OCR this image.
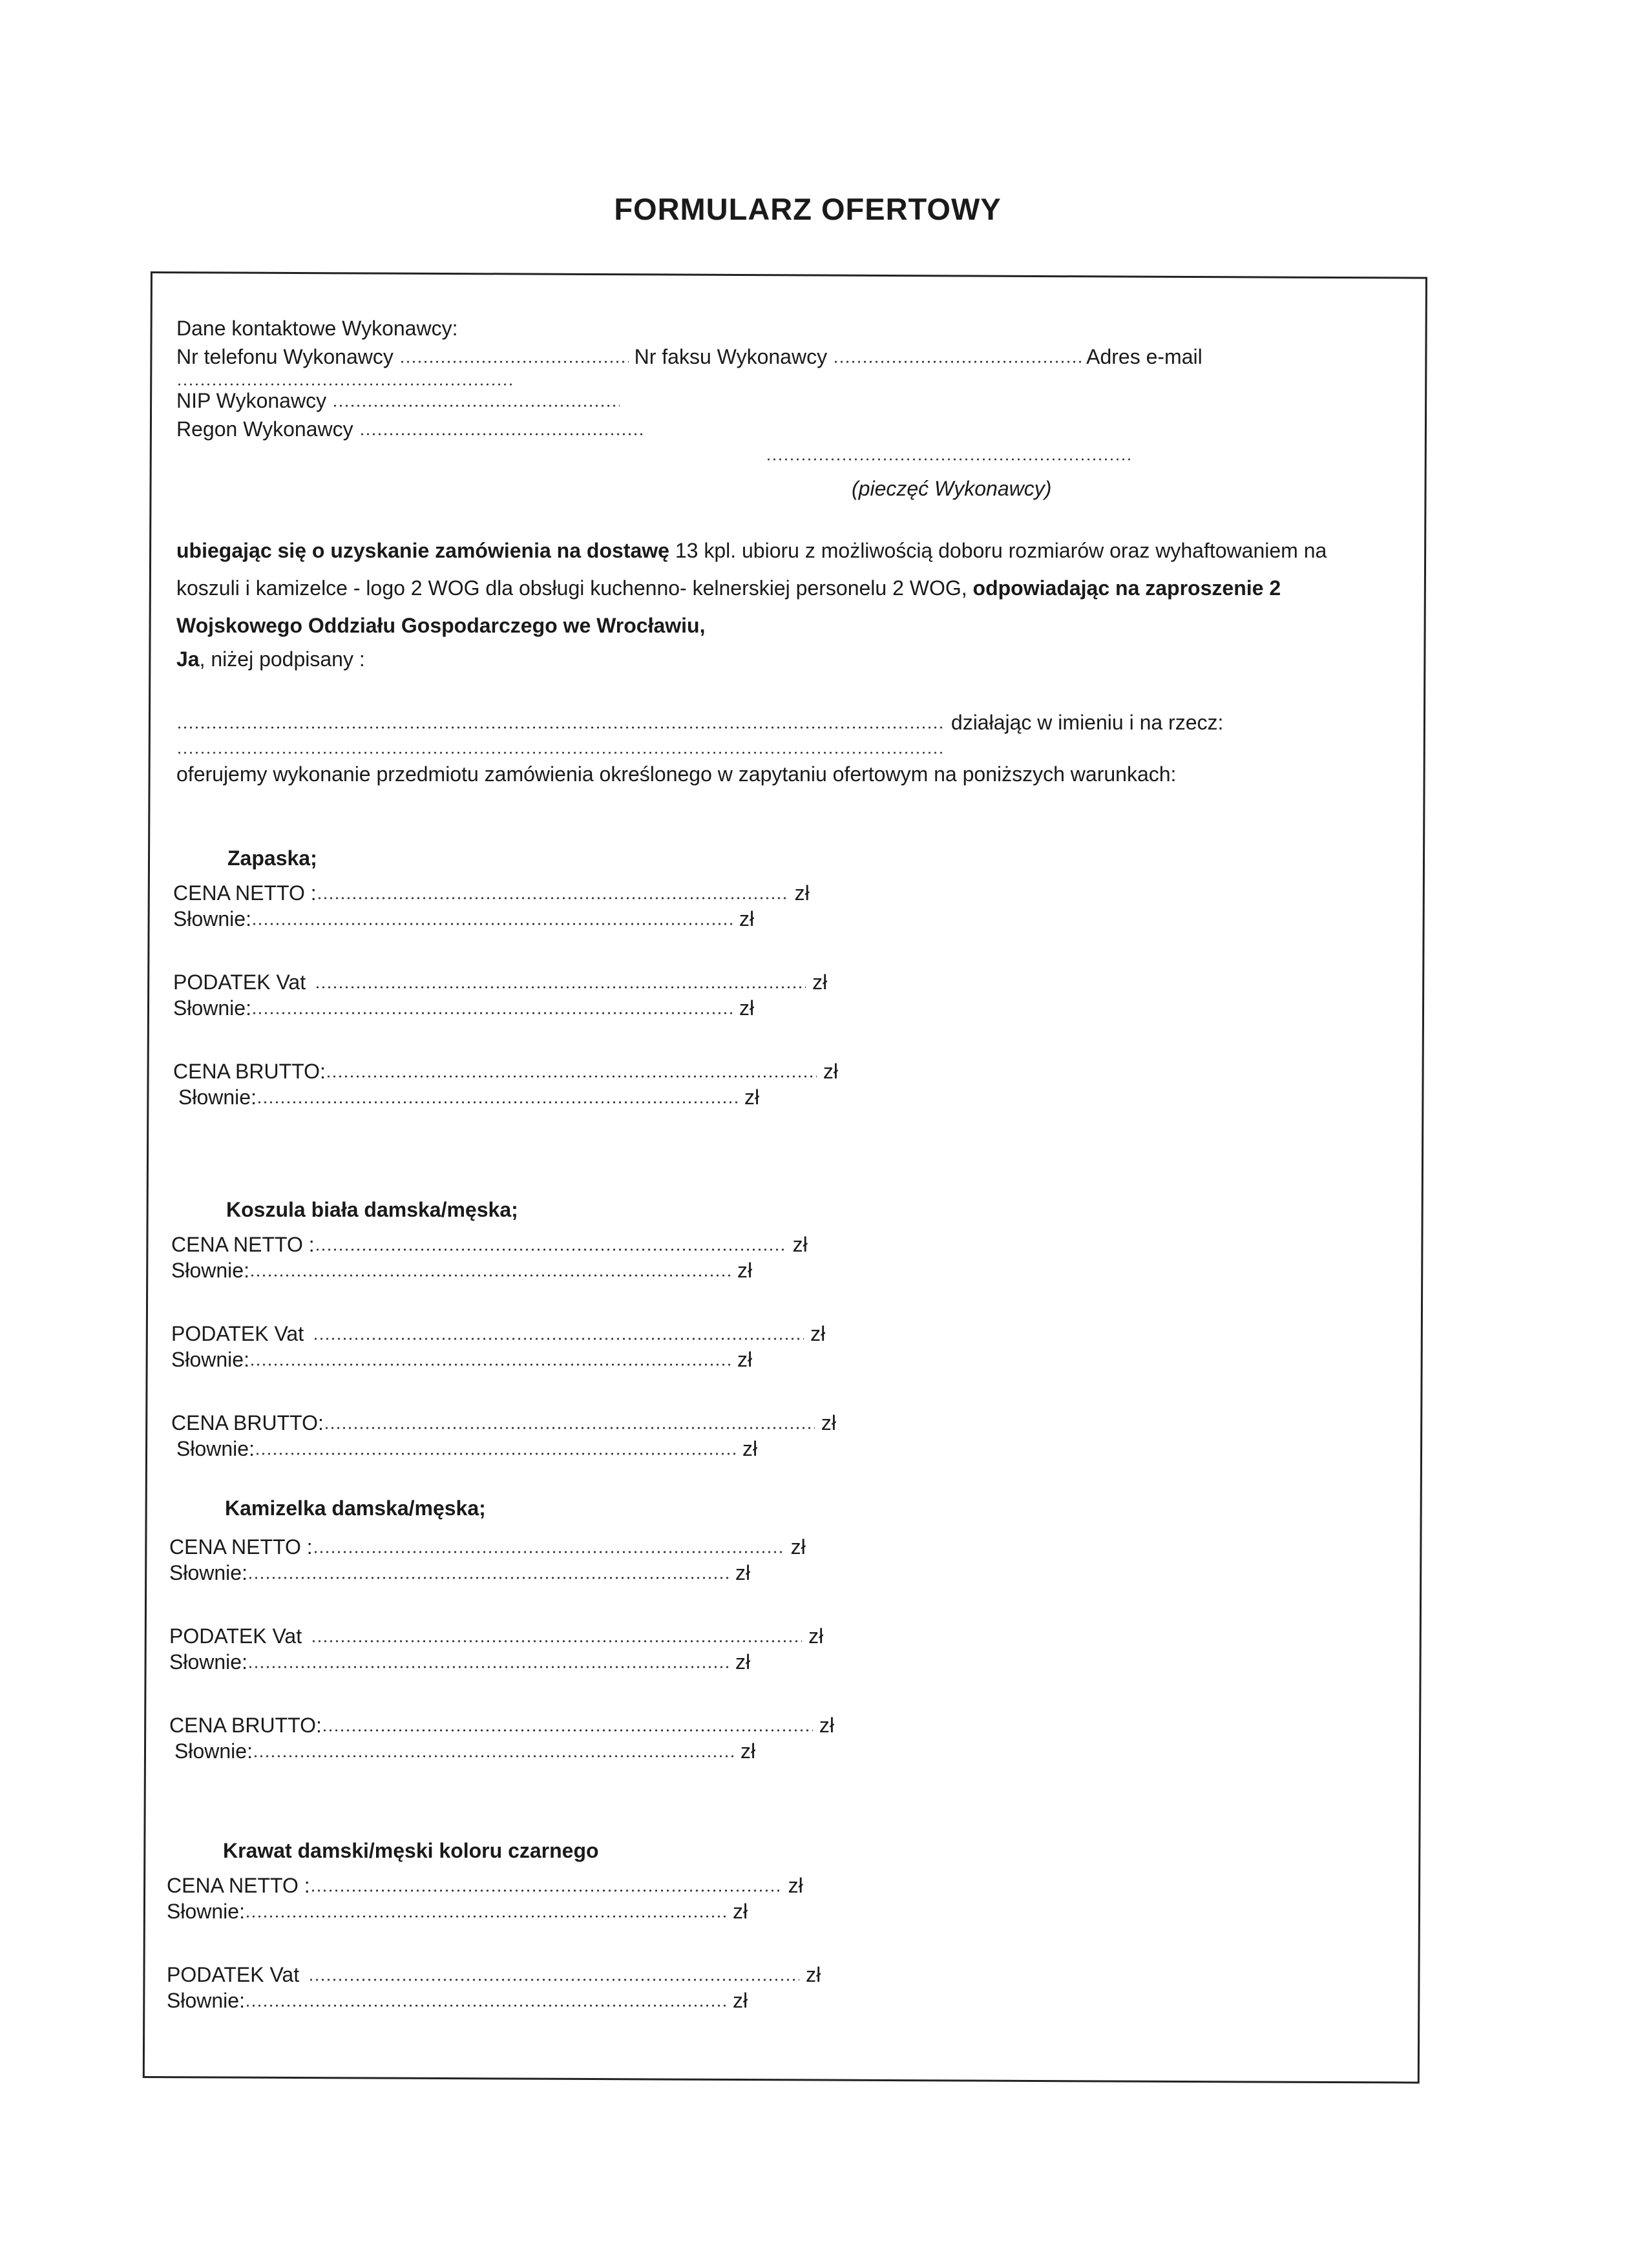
FORMULARZ OFERTOWY
Dane kontaktowe Wykonawcy:
Nr telefonu Wykonawcy	Nr faksu Wykonawcy	Adres e-mail
NIP Wykonawcy
Regon Wykonawcy
(pieczęć Wykonawcy)
ubiegając się o uzyskanie zamówienia na dostawę 13 kpl. ubioru z możliwością doboru rozmiarów oraz wyhaftowaniem na
koszuli i kamizelce - logo 2 WOG dla obsługi kuchenno- kelnerskiej personelu 2 WOG, odpowiadając na zaproszenie 2
Wojskowego Oddziału Gospodarczego we Wrocławiu,
Ja, niżej podpisany :
działając w imieniu i na rzecz:
oferujemy wykonanie przedmiotu zamówienia określonego w zapytaniu ofertowym na poniższych warunkach:
Zapaska;
CENA NETTO :	zł
Słownie:	zł
PODATEK Vat	zł
Słownie:	zł
CENA BRUTTO:	zł
Słownie:	zł
Koszula biała damska/męska;
CENA NETTO :	zł
Słownie:	zł
PODATEK Vat	zł
Słownie:	zł
CENA BRUTTO:	zł
Słownie:	zł
Kamizelka damska/męska;
CENA NETTO :	zł
Słownie:	zł
PODATEK Vat	zł
Słownie:	zł
CENA BRUTTO:	zł
Słownie:	zł
Krawat damski/męski koloru czarnego
CENA NETTO :	zł
Słownie:	zł
PODATEK Vat	zł
Słownie:	zł
